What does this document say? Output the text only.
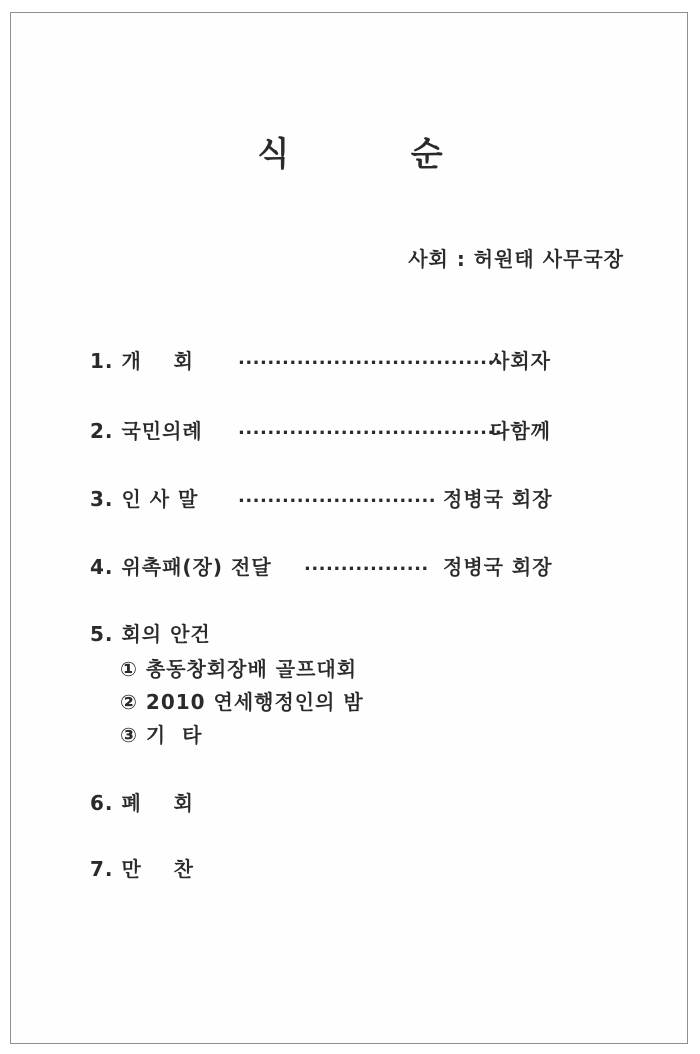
식 순
사회 : 허원태 사무국장
1. 개    회 ....................................
사회자
2. 국민의례 ....................................
다함께
3. 인 사 말 ........................... 정병국 회장
4. 위촉패(장) 전달 ................. 정병국 회장
5. 회의 안건
① 총동창회장배 골프대회
② 2010 연세행정인의 밤
③ 기  타
6. 폐    회
7. 만    찬
